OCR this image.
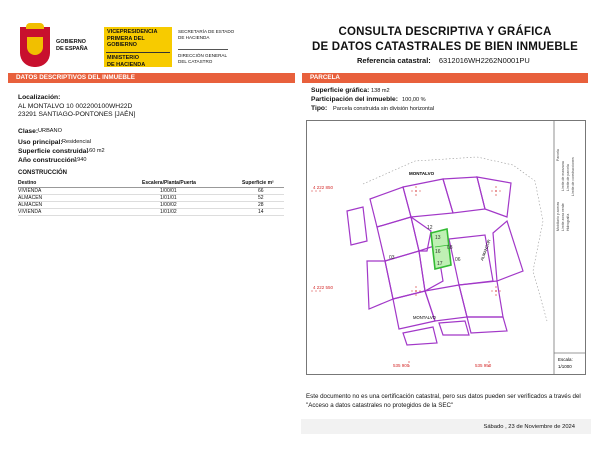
GOBIERNO
DE ESPAÑA
VICEPRESIDENCIA
PRIMERA DEL GOBIERNO
MINISTERIO
DE HACIENDA
SECRETARÍA DE ESTADO
DE HACIENDA
DIRECCIÓN GENERAL
DEL CATASTRO
CONSULTA DESCRIPTIVA Y GRÁFICA
DE DATOS CATASTRALES DE BIEN INMUEBLE
Referencia catastral: 6312016WH2262N0001PU
DATOS DESCRIPTIVOS DEL INMUEBLE
Localización:
AL MONTALVO 10 002200100WH22D
23291 SANTIAGO-PONTONES [JAÉN]
Clase: URBANO
Uso principal: Residencial
Superficie construida:
160 m2
Año construcción:
1940
CONSTRUCCIÓN
Destino	Escalera/Planta/Puerta	Superficie m²
VIVIENDA	1/00/01	66
ALMACEN	1/01/01	52
ALMACEN	1/00/02	28
VIVIENDA	1/01/02	14
PARCELA
Superficie gráfica: 138 m2
Participación del inmueble: 100,00 %
Tipo: Parcela construida sin división horizontal
4 222 850
4 222 550
535 900	535 950
MONTALVO
MONTALVO
ALMANZOR
03	06
08
13
16
17
12
Parcela
Límite de manzana Límite de parcela Límite de construcciones
Mobiliario y aceras Límite zona verde Hidrografía
Escala:
1/1000
Este documento no es una certificación catastral, pero sus datos pueden ser verificados a través del "Acceso a datos catastrales no protegidos de la SEC"
Sábado , 23 de Noviembre de 2024
